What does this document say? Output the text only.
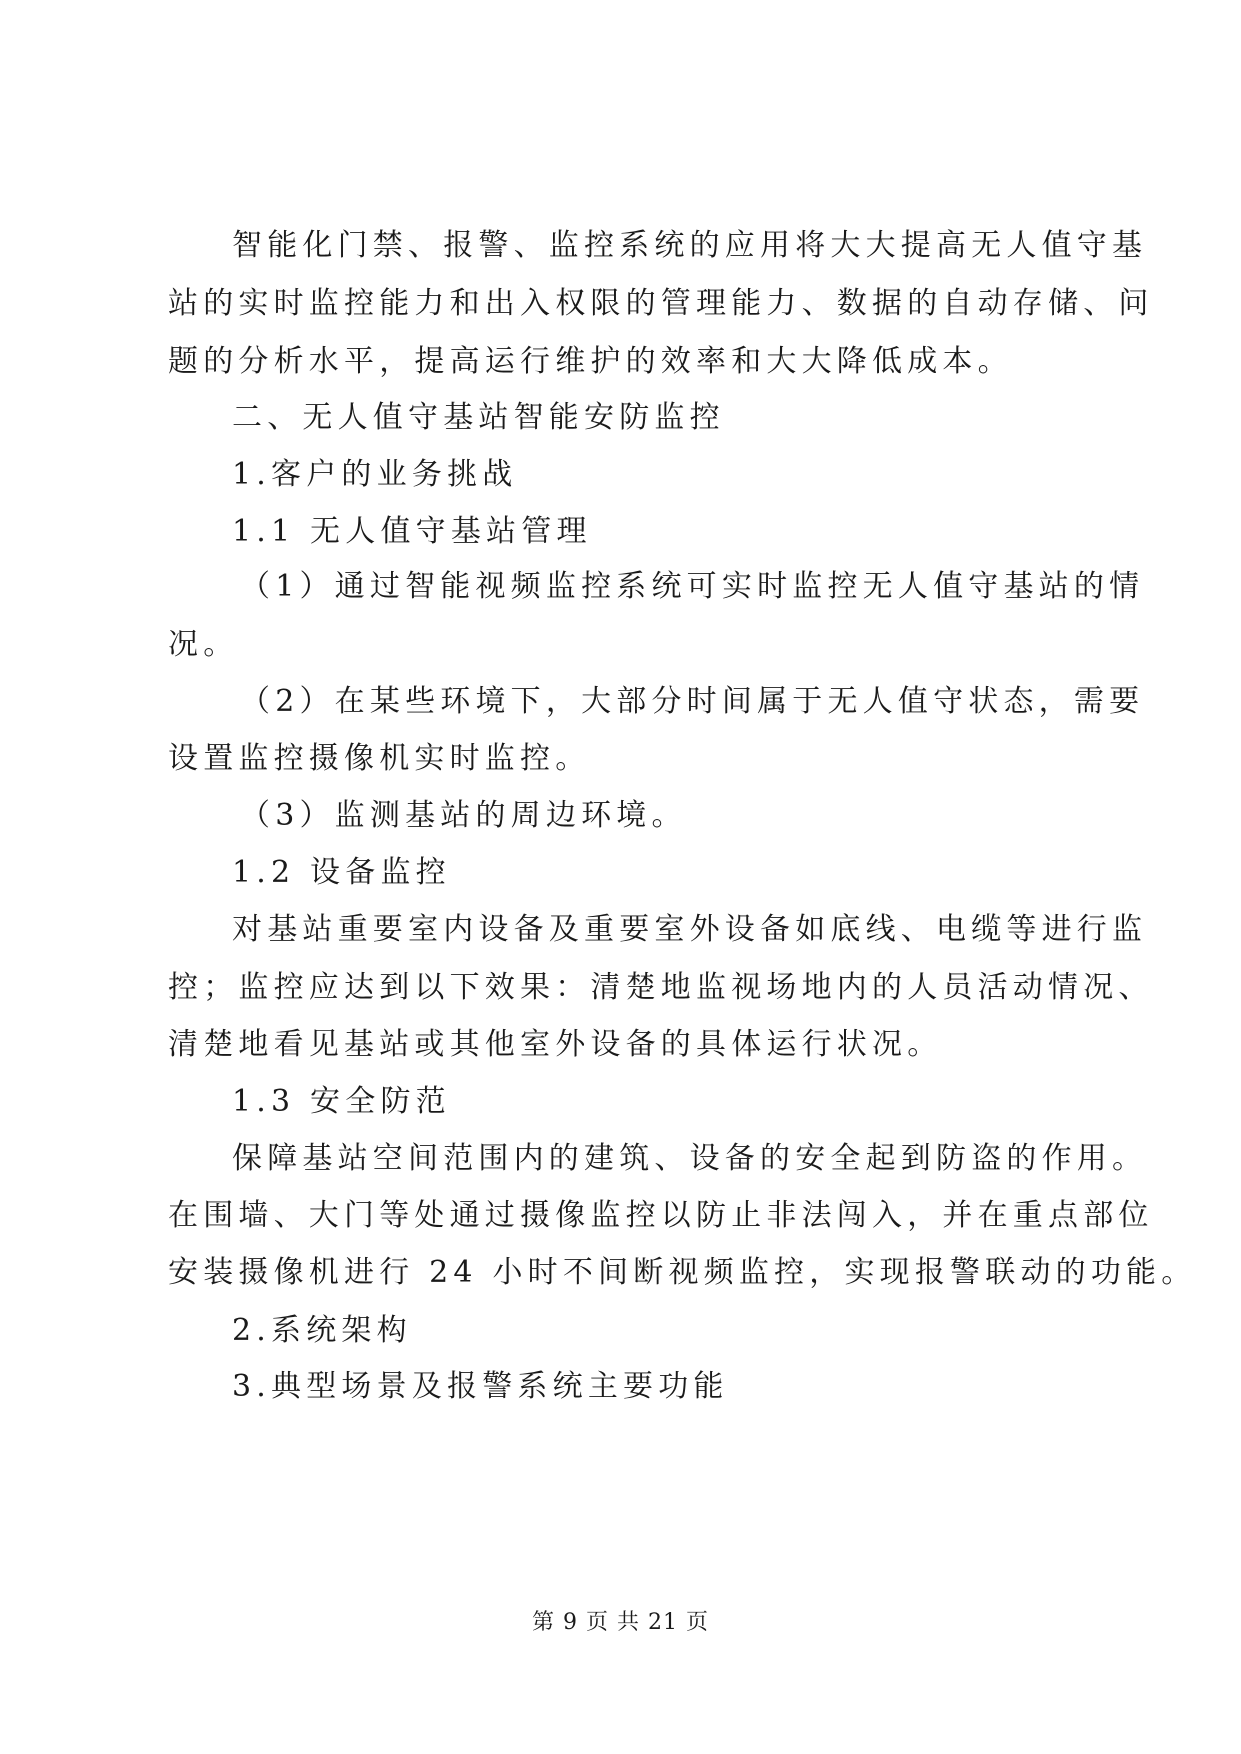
智能化门禁、报警、监控系统的应用将大大提高无人值守基
站的实时监控能力和出入权限的管理能力、数据的自动存储、问
题的分析水平，提高运行维护的效率和大大降低成本。
二、无人值守基站智能安防监控
1.客户的业务挑战
1.1 无人值守基站管理
（1）通过智能视频监控系统可实时监控无人值守基站的情
况。
（2）在某些环境下，大部分时间属于无人值守状态，需要
设置监控摄像机实时监控。
（3）监测基站的周边环境。
1.2 设备监控
对基站重要室内设备及重要室外设备如底线、电缆等进行监
控；监控应达到以下效果：清楚地监视场地内的人员活动情况、
清楚地看见基站或其他室外设备的具体运行状况。
1.3 安全防范
保障基站空间范围内的建筑、设备的安全起到防盗的作用。
在围墙、大门等处通过摄像监控以防止非法闯入，并在重点部位
安装摄像机进行 24 小时不间断视频监控，实现报警联动的功能。
2.系统架构
3.典型场景及报警系统主要功能
第 9 页 共 21 页
